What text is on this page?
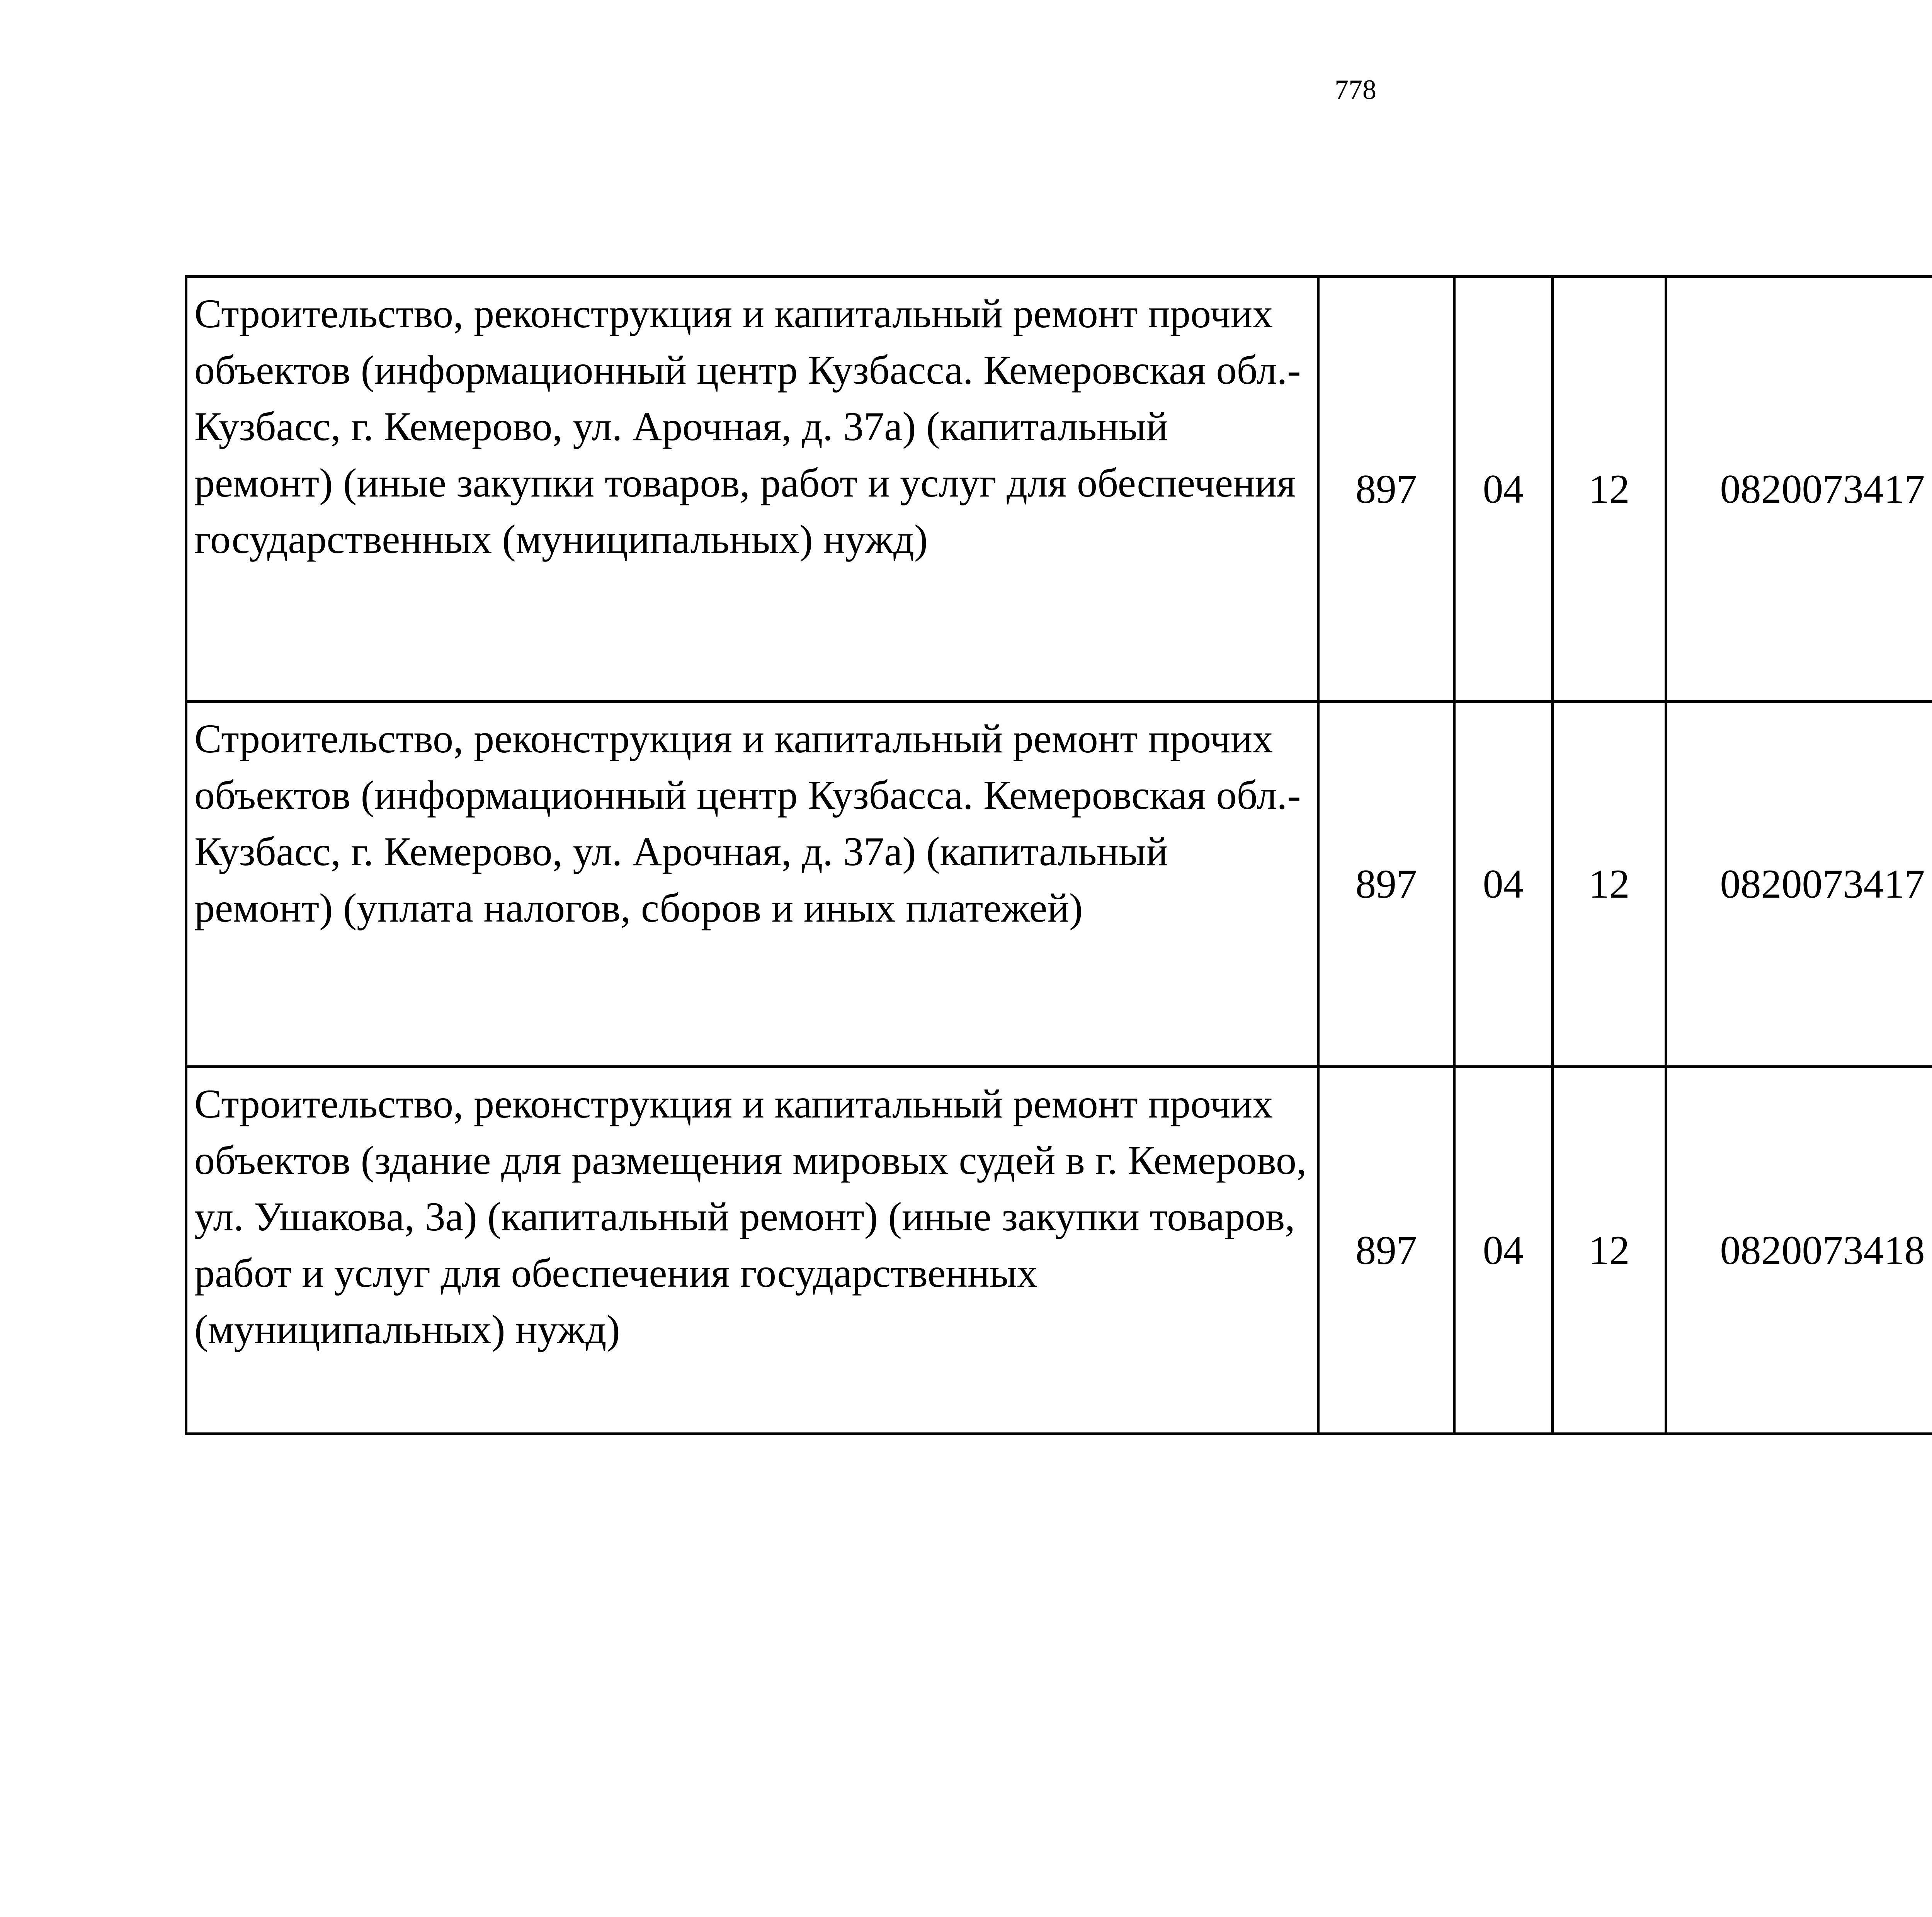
778
Строительство, реконструкция и капитальный ремонт прочих объектов (информационный центр Кузбасса. Кемеровская обл.-Кузбасс, г. Кемерово, ул. Арочная, д. 37а) (капитальный ремонт) (иные закупки товаров, работ и услуг для обеспечения государственных (муниципальных) нужд)	897	04	12	0820073417		
Строительство, реконструкция и капитальный ремонт прочих объектов (информационный центр Кузбасса. Кемеровская обл.-Кузбасс, г. Кемерово, ул. Арочная, д. 37а) (капитальный ремонт) (уплата налогов, сборов и иных платежей)	897	04	12	0820073417		
Строительство, реконструкция и капитальный ремонт прочих объектов (здание для размещения мировых судей в г. Кемерово, ул. Ушакова, 3а) (капитальный ремонт) (иные закупки товаров, работ и услуг для обеспечения государственных (муниципальных) нужд)	897	04	12	0820073418		
